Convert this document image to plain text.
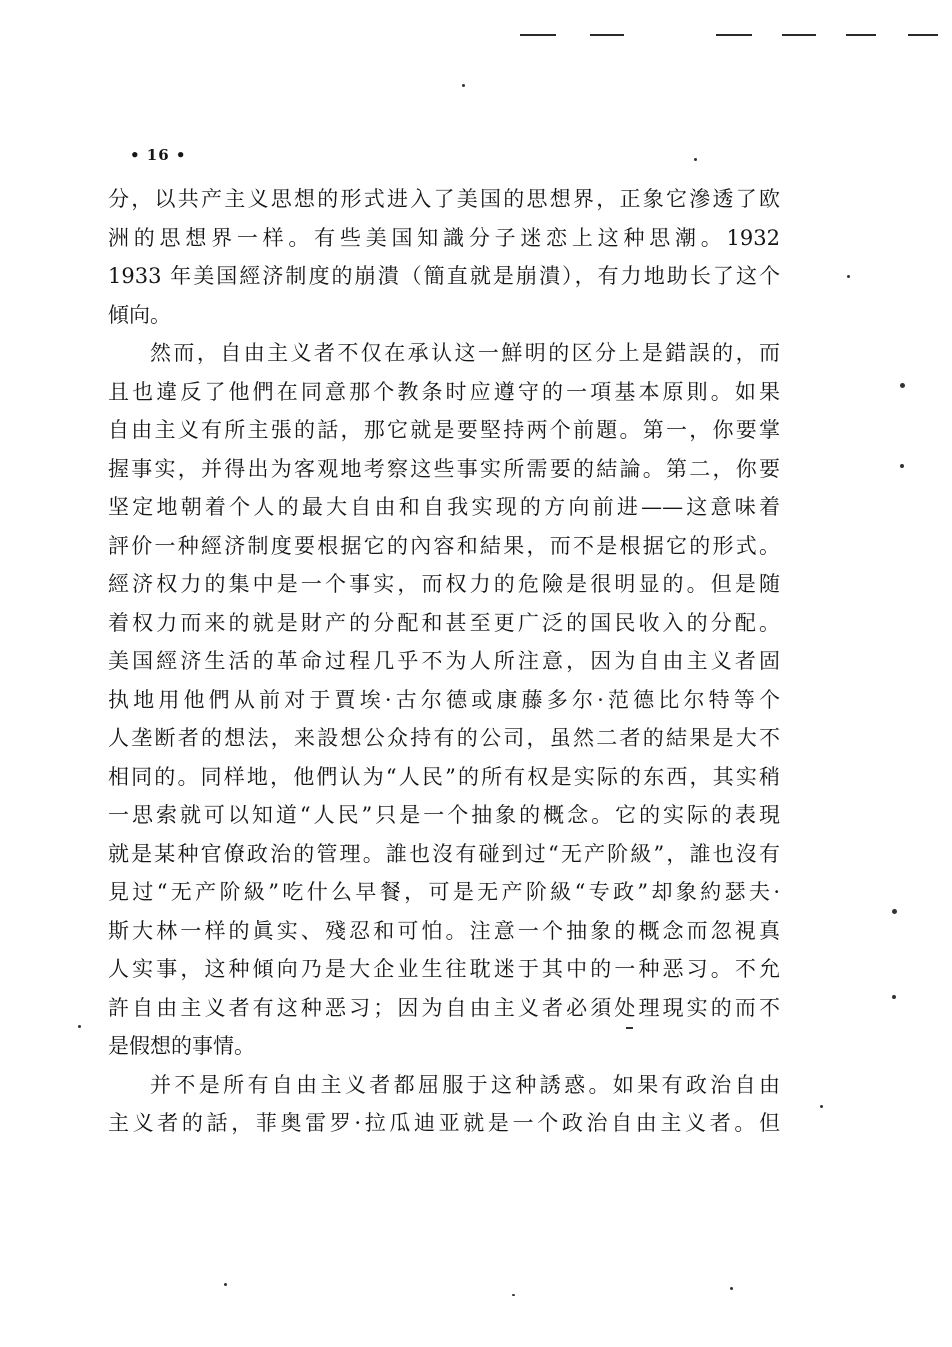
• 16 •
分，以共产主义思想的形式进入了美国的思想界，正象它滲透了欧
洲的思想界一样。有些美国知識分子迷恋上这种思潮。1932
1933 年美国經济制度的崩潰（簡直就是崩潰），有力地助长了这个
傾向。
然而，自由主义者不仅在承认这一鮮明的区分上是錯誤的，而
且也違反了他們在同意那个教条时应遵守的一項基本原則。如果
自由主义有所主張的話，那它就是要堅持两个前題。第一，你要掌
握事实，并得出为客观地考察这些事实所需要的結論。第二，你要
坚定地朝着个人的最大自由和自我实现的方向前进——这意味着
評价一种經济制度要根据它的內容和結果，而不是根据它的形式。
經济权力的集中是一个事实，而权力的危險是很明显的。但是随
着权力而来的就是財产的分配和甚至更广泛的国民收入的分配。
美国經济生活的革命过程几乎不为人所注意，因为自由主义者固
执地用他們从前对于賈埃·古尔德或康藤多尔·范德比尔特等个
人垄断者的想法，来設想公众持有的公司，虽然二者的結果是大不
相同的。同样地，他們认为“人民”的所有权是实际的东西，其实稍
一思索就可以知道“人民”只是一个抽象的概念。它的实际的表現
就是某种官僚政治的管理。誰也沒有碰到过“无产阶級”，誰也沒有
見过“无产阶級”吃什么早餐，可是无产阶級“专政”却象約瑟夫·
斯大林一样的眞实、殘忍和可怕。注意一个抽象的概念而忽視真
人实事，这种傾向乃是大企业生往耽迷于其中的一种恶习。不允
許自由主义者有这种恶习；因为自由主义者必須处理現实的而不
是假想的事情。
并不是所有自由主义者都屈服于这种誘惑。如果有政治自由
主义者的話，菲奥雷罗·拉瓜迪亚就是一个政治自由主义者。但
